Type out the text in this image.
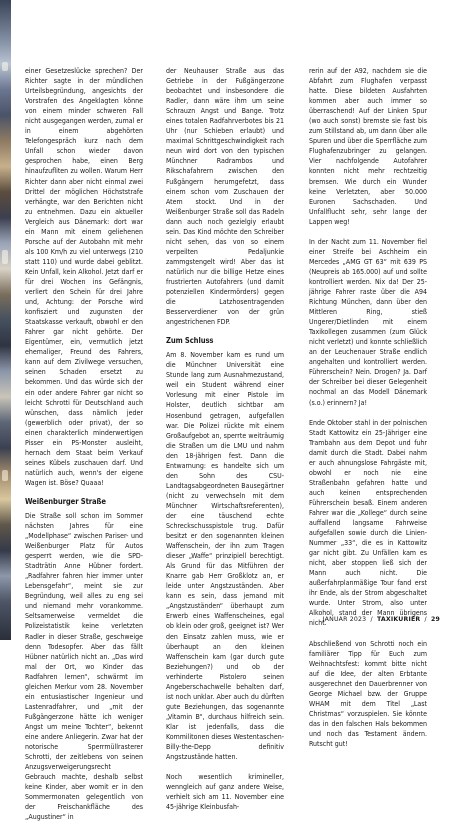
einer Gesetzeslücke sprechen? Der Richter sagte in der mündlichen Urteilsbegründung, angesichts der Vorstrafen des Angeklagten könne von einem minder schweren Fall nicht ausgegangen werden, zumal er in einem abgehörten Telefongespräch kurz nach dem Unfall schon wieder davon gesprochen habe, einen Berg hinaufzufliten zu wollen. Warum Herr Richter dann aber nicht einmal zwei Drittel der möglichen Höchststrafe verhängte, war den Berichten nicht zu entnehmen. Dazu ein aktueller Vergleich aus Dänemark: dort war ein Mann mit einem geliehenen Porsche auf der Autobahn mit mehr als 100 Km/h zu viel unterwegs (210 statt 110) und wurde dabei geblitzt. Kein Unfall, kein Alkohol. Jetzt darf er für drei Wochen ins Gefängnis, verliert den Schein für drei Jahre und, Achtung: der Porsche wird konfisziert und zugunsten der Staatskasse verkauft, obwohl er den Fahrer gar nicht gehörte. Der Eigentümer, ein, vermutlich jetzt ehemaliger, Freund des Fahrers, kann auf dem Zivilwege versuchen, seinen Schaden ersetzt zu bekommen. Und das würde sich der ein oder andere Fahrer gar nicht so leicht Schrotti für Deutschland auch wünschen, dass nämlich jeder (gewerblich oder privat), der so einen charakterlich minderwertigen Pisser ein PS-Monster ausleiht, hernach dem Staat beim Verkauf seines Kübels zuschauen darf. Und natürlich auch, wenn's der eigene Wagen ist. Böse? Quaaa!

Weißenburger Straße

Die Straße soll schon im Sommer nächsten Jahres für eine „Modellphase“ zwischen Pariser- und Weißenburger Platz für Autos gesperrt werden, wie die SPD-Stadträtin Anne Hübner fordert. „Radfahrer fahren hier immer unter Lebensgefahr“, meint sie zur Begründung, weil alles zu eng sei und niemand mehr vorankomme. Seltsamerweise vermeldet die Polizeistatistik keine verletzten Radler in dieser Straße, geschweige denn Todesopfer. Aber das fällt Hübner natürlich nicht an. „Das wird mal der Ort, wo Kinder das Radfahren lernen“, schwärmt im gleichen Merkur vom 28. November ein entusiastischer Ingenieur und Lastenradfahrer, und „mit der Fußgängerzone hätte ich weniger Angst um meine Tochter“, bekennt eine andere Anliegerin. Zwar hat der notorische Sperrmüllrasterer Schrotti, der zeitlebens von seinen Anzugsverweigerungsrecht Gebrauch machte, deshalb selbst keine Kinder, aber womit er in den Sommermonaten gelegentlich von der Freischankfläche des „Augustiner“ in

der Neuhauser Straße aus das Getriebe in der Fußgängerzone beobachtet und insbesondere die Radler, dann wäre ihm um seine Schrauzn Angst und Bange. Trotz eines totalen Radfahrverbotes bis 21 Uhr (nur Schieben erlaubt) und maximal Schrittgeschwindigkeit rach neun wird dort von den typischen Münchner Radrambos und Rikschafahrern zwischen den Fußgängern herumgefetzt, dass einem schon vom Zuschauen der Atem stockt. Und in der Weißenburger Straße soll das Radeln dann auch noch gezielgiy erlaubt sein. Das Kind möchte den Schreiber nicht sehen, das von so einem verpeilten Pedaljunkie zammgstengelt wird! Aber das ist natürlich nur die billige Hetze eines frustrierten Autofahrers (und damit potenziellen Kindermörders) gegen die Latzhosentragenden Besserverdiener von der grün angestrichenen FDP.

Zum Schluss

Am 8. November kam es rund um die Münchner Universität eine Stunde lang zum Ausnahmezustand, weil ein Student während einer Vorlesung mit einer Pistole im Holster, deutlich sichtbar am Hosenbund getragen, aufgefallen war. Die Polizei rückte mit einem Großaufgebot an, sperrte weiträumig die Straßen um die LMU und nahm den 18-jährigen fest. Dann die Entwarnung: es handelte sich um den Sohn des CSU-Landtagsabgeordneten Bausegärtner (nicht zu verwechseln mit dem Münchner Wirtschaftsreferenten), der eine täuschend echte Schreckschusspistole trug. Dafür besitzt er den sogenannten kleinen Waffenschein, der ihn zum Tragen dieser „Waffe“ prinzipiell berechtigt. Als Grund für das Mitführen der Knarre gab Herr Großklotz an, er leide unter Angstzuständen. Aber kann es sein, dass jemand mit „Angstzuständen“ überhaupt zum Erwerb eines Waffenscheines, egal ob klein oder groß, geeignet ist? Wer den Einsatz zahlen muss, wie er überhaupt an den kleinen Waffenschein kam (gar durch gute Beziehungen?) und ob der verhinderte Pistolero seinen Angeberschachwelle behalten darf, ist noch unklar. Aber auch du dürften gute Beziehungen, das sogenannte „Vitamin B“, durchaus hilfreich sein. Klar ist jedenfalls, dass die Kommilitonen dieses Westentaschen-Billy-the-Depp definitiv Angstzustände hatten.

Noch wesentlich krimineller, wenngleich auf ganz andere Weise, verhielt sich am 11. November eine 45-jährige Kleinbusfah-

rerin auf der A92, nachdem sie die Abfahrt zum Flughafen verpasst hatte. Diese bildeten Ausfahrten kommen aber auch immer so überraschend! Auf der Linken Spur (wo auch sonst) bremste sie fast bis zum Stillstand ab, um dann über alle Spuren und über die Sperrfläche zum Flughafenzubringer zu gelangen. Vier nachfolgende Autofahrer konnten nicht mehr rechtzeitig bremsen. Wie durch ein Wunder keine Verletzten, aber 50.000 Euronen Sachschaden. Und Unfallflucht sehr, sehr lange der Lappen weg!

In der Nacht zum 11. November fiel einer Streife bei Aschheim ein Mercedes „AMG GT 63“ mit 639 PS (Neupreis ab 165.000) auf und sollte kontrolliert werden. Nix da! Der 25-jährige Fahrer raste über die A94 Richtung München, dann über den Mittleren Ring, stieß Ungerer/Dietlinden mit einem Taxikollegen zusammen (zum Glück nicht verletzt) und konnte schließlich an der Leuchenauer Straße endlich angehalten und kontrolliert werden. Führerschein? Nein. Drogen? Ja. Darf der Schreiber bei dieser Gelegenheit nochmal an das Modell Dänemark (s.o.) erinnern? Ja!

Ende Oktober stahl in der polnischen Stadt Kattowitz ein 25-Jähriger eine Trambahn aus dem Depot und fuhr damit durch die Stadt. Dabei nahm er auch ahnungslose Fahrgäste mit, obwohl er noch nie eine Straßenbahn gefahren hatte und auch keinen entsprechenden Führerschein besaß. Einem anderen Fahrer war die „Kollege“ durch seine auffallend langsame Fahrweise aufgefallen sowie durch die Linien-Nummer „33“, die es in Kattowitz gar nicht gibt. Zu Unfällen kam es nicht, aber stoppen ließ sich der Mann auch nicht. Die außerfahrplanmäßige Tour fand erst ihr Ende, als der Strom abgeschaltet wurde. Unter Strom, also unter Alkohol, stand der Mann übrigens nicht.

Abschließend von Schrotti noch ein familiärer Tipp für Euch zum Weihnachtsfest: kommt bitte nicht auf die Idee, der alten Erbtante ausgerechnet den Dauerbrenner von George Michael bzw. der Gruppe WHAM mit dem Titel „Last Christmas“ vorzuspielen. Sie könnte das in den falschen Hals bekommen und noch das Testament ändern. Rutscht gut!

JANUAR 2023 / TAXIKURIER / 29
